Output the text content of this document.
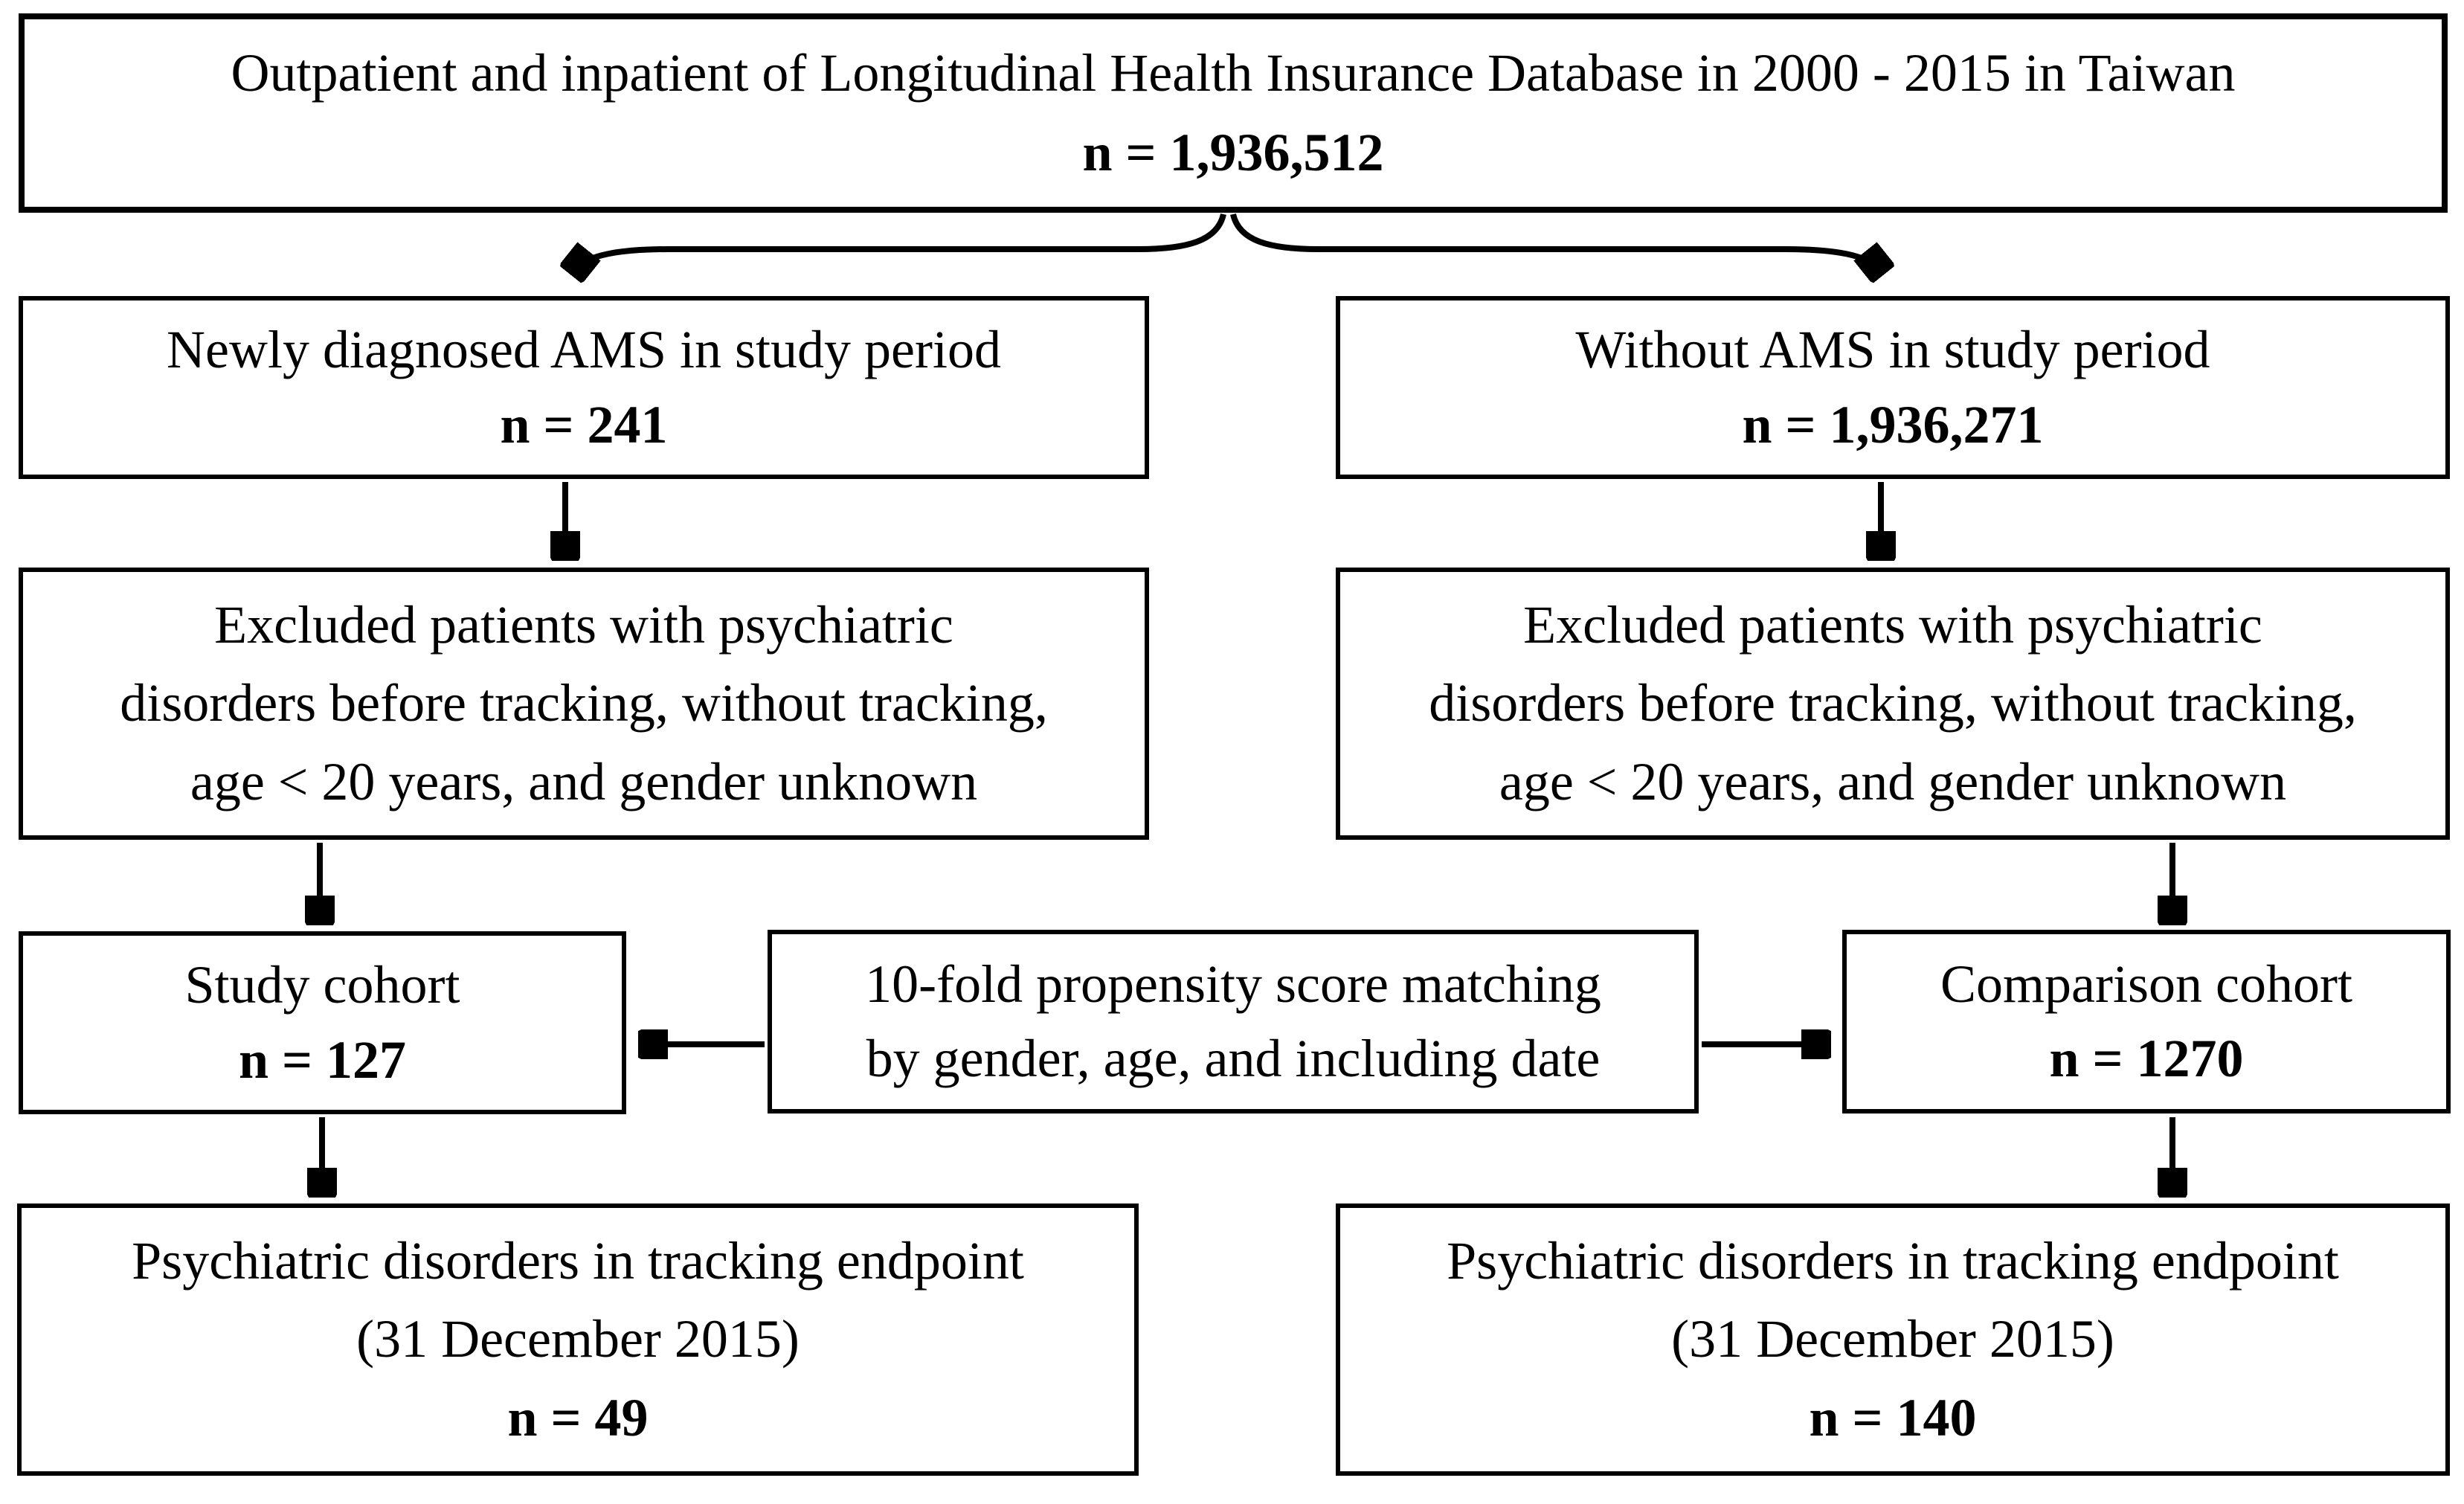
Outpatient and inpatient of Longitudinal Health Insurance Database in 2000 - 2015 in Taiwan
n = 1,936,512
Newly diagnosed AMS in study period
n = 241
Without AMS in study period
n = 1,936,271
Excluded patients with psychiatric
disorders before tracking, without tracking,
age < 20 years, and gender unknown
Excluded patients with psychiatric
disorders before tracking, without tracking,
age < 20 years, and gender unknown
Study cohort
n = 127
10-fold propensity score matching
by gender, age, and including date
Comparison cohort
n = 1270
Psychiatric disorders in tracking endpoint
(31 December 2015)
n = 49
Psychiatric disorders in tracking endpoint
(31 December 2015)
n = 140
